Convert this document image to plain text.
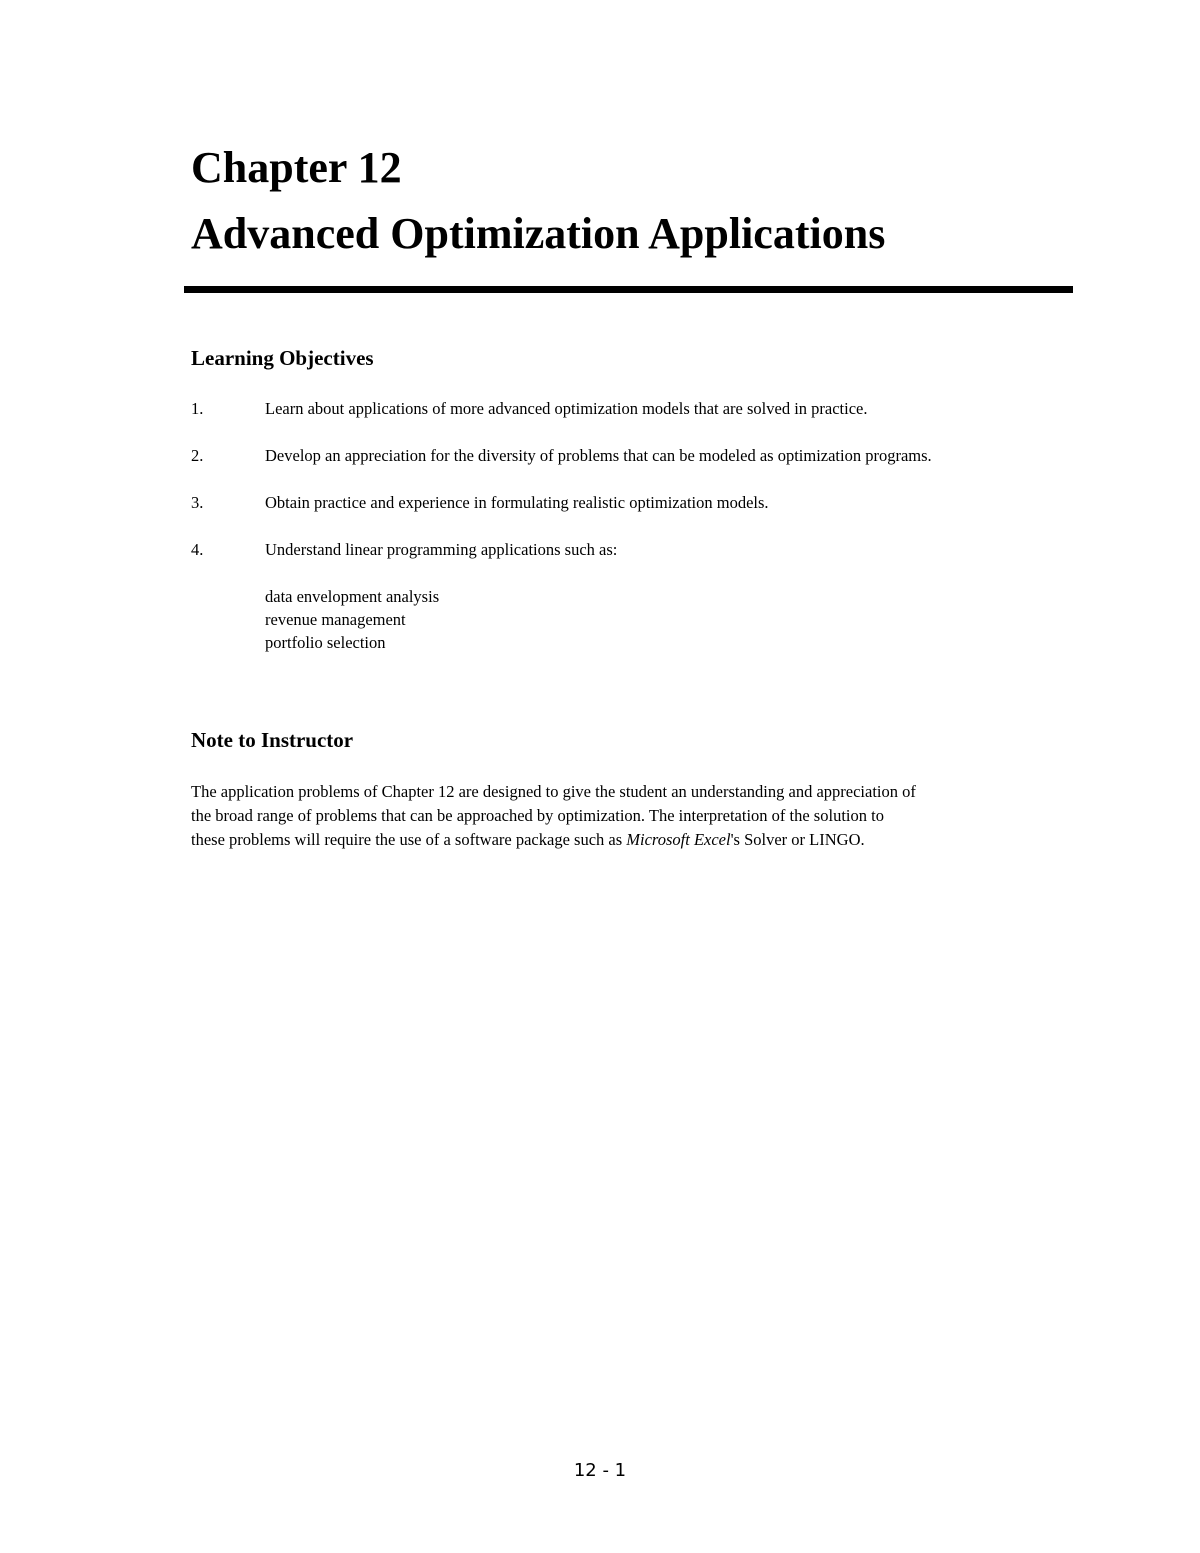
Chapter 12
Advanced Optimization Applications
Learning Objectives
1.	Learn about applications of more advanced optimization models that are solved in practice.
2.	Develop an appreciation for the diversity of problems that can be modeled as optimization programs.
3.	Obtain practice and experience in formulating realistic optimization models.
4.	Understand linear programming applications such as:
data envelopment analysis
revenue management
portfolio selection
Note to Instructor
The application problems of Chapter 12 are designed to give the student an understanding and appreciation of
the broad range of problems that can be approached by optimization. The interpretation of the solution to
these problems will require the use of a software package such as Microsoft Excel's Solver or LINGO.
12 - 1
